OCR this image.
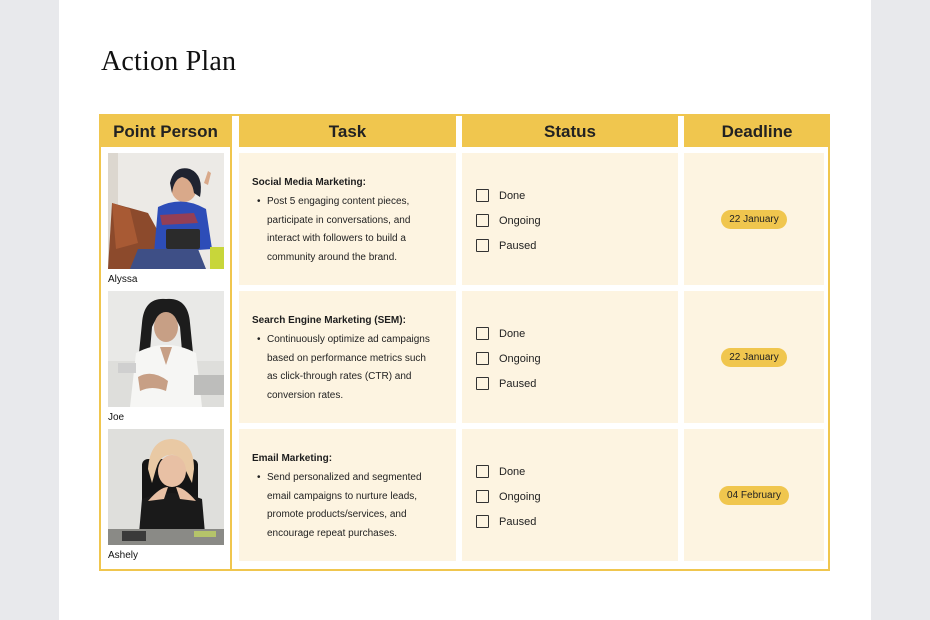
Action Plan
Point Person
Alyssa
Joe
Ashely
Task	Status	Deadline
Social Media Marketing:
• Post 5 engaging content pieces,
participate in conversations, and
interact with followers to build a
community around the brand.
Done
Ongoing
Paused
22 January
Search Engine Marketing (SEM):
• Continuously optimize ad campaigns
based on performance metrics such
as click-through rates (CTR) and
conversion rates.
Done
Ongoing
Paused
22 January
Email Marketing:
• Send personalized and segmented
email campaigns to nurture leads,
promote products/services, and
encourage repeat purchases.
Done
Ongoing
Paused
04 February
